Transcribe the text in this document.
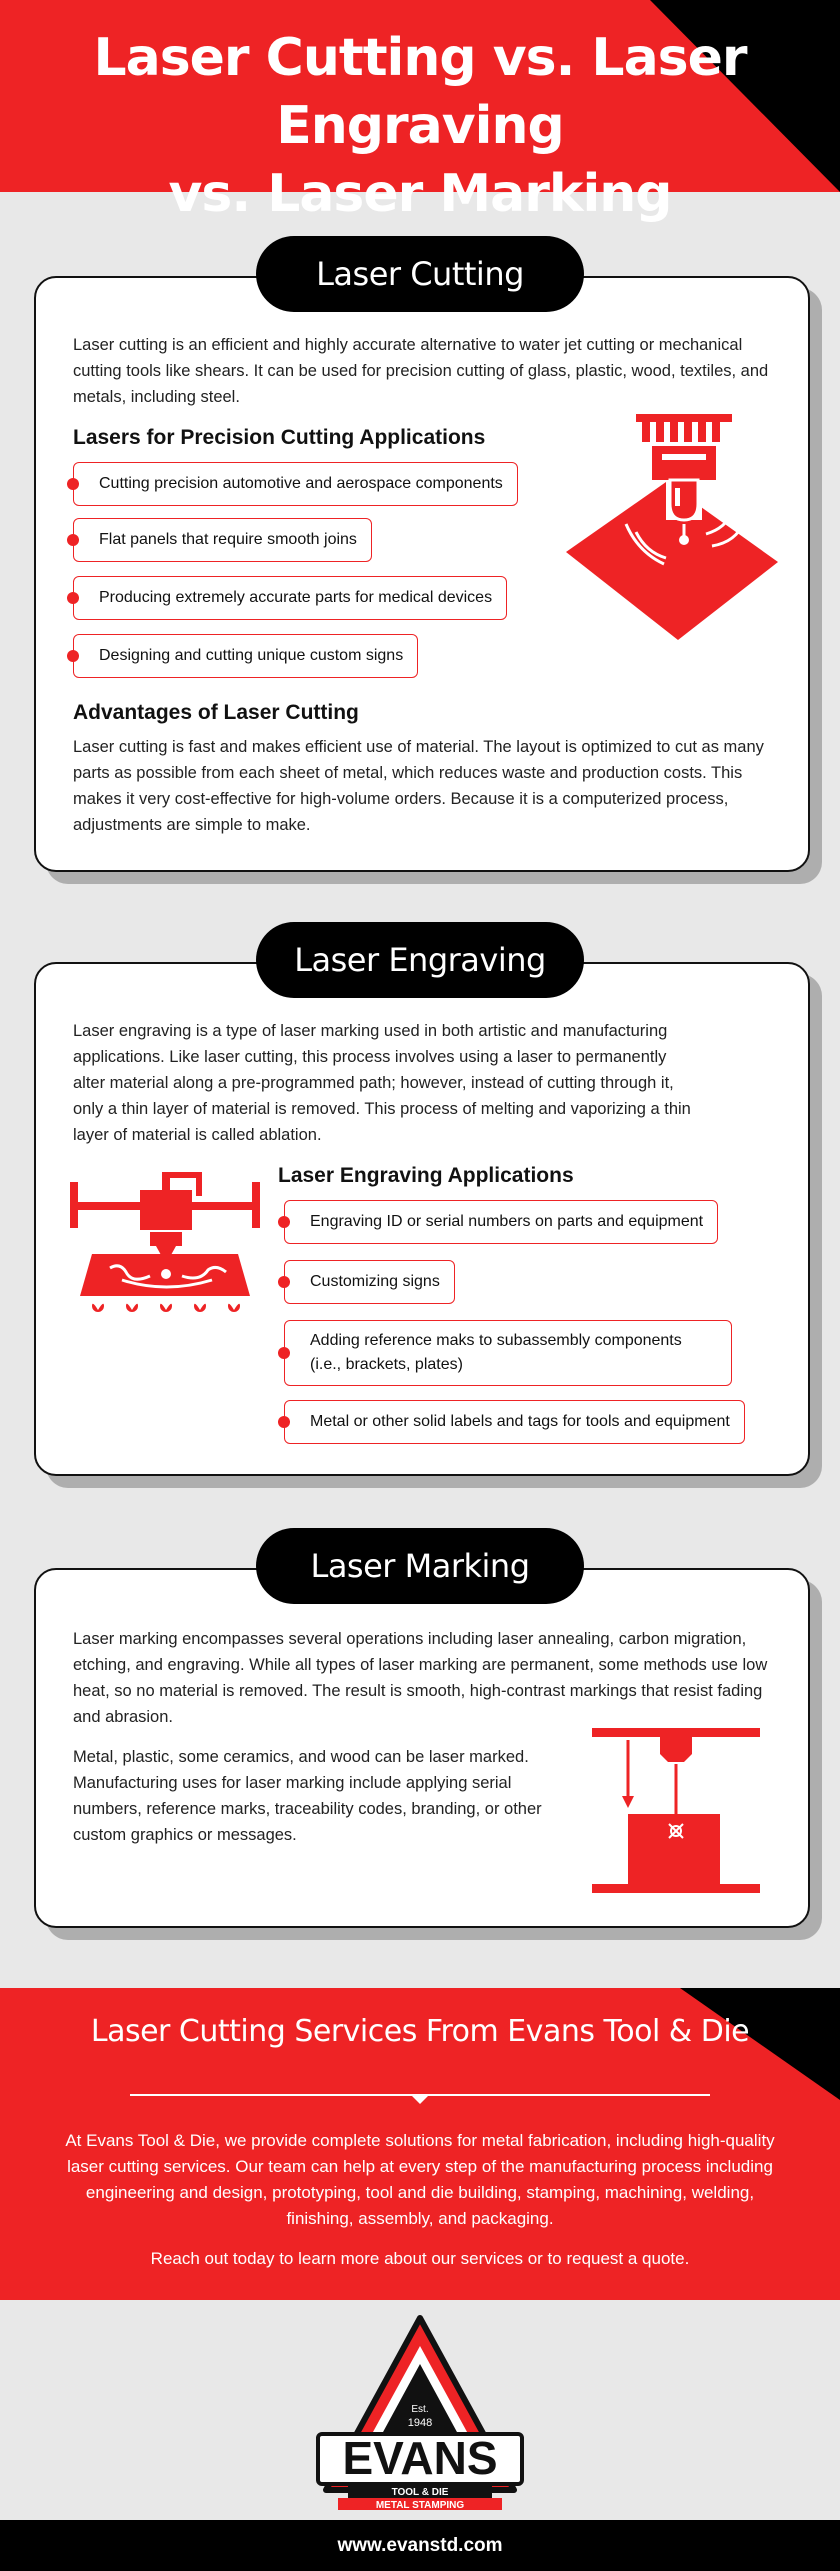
Laser Cutting vs. Laser Engraving
vs. Laser Marking
Laser cutting is an efficient and highly accurate alternative to water jet cutting or mechanical cutting tools like shears. It can be used for precision cutting of glass, plastic, wood, textiles, and metals, including steel.
Lasers for Precision Cutting Applications
Cutting precision automotive and aerospace components
Flat panels that require smooth joins
Producing extremely accurate parts for medical devices
Designing and cutting unique custom signs
Advantages of Laser Cutting
Laser cutting is fast and makes efficient use of material. The layout is optimized to cut as many parts as possible from each sheet of metal, which reduces waste and production costs. This makes it very cost-effective for high-volume orders. Because it is a computerized process, adjustments are simple to make.
Laser Cutting
Laser engraving is a type of laser marking used in both artistic and manufacturing applications. Like laser cutting, this process involves using a laser to permanently alter material along a pre-programmed path; however, instead of cutting through it, only a thin layer of material is removed. This process of melting and vaporizing a thin layer of material is called ablation.
Laser Engraving Applications
Engraving ID or serial numbers on parts and equipment
Customizing signs
Adding reference maks to subassembly components (i.e., brackets, plates)
Metal or other solid labels and tags for tools and equipment
Laser Engraving
Laser marking encompasses several operations including laser annealing, carbon migration, etching, and engraving. While all types of laser marking are permanent, some methods use low heat, so no material is removed. The result is smooth, high-contrast markings that resist fading and abrasion.
Metal, plastic, some ceramics, and wood can be laser marked. Manufacturing uses for laser marking include applying serial numbers, reference marks, traceability codes, branding, or other custom graphics or messages.
Laser Marking
Laser Cutting Services From Evans Tool & Die

At Evans Tool & Die, we provide complete solutions for metal fabrication, including high-quality laser cutting services. Our team can help at every step of the manufacturing process including engineering and design, prototyping, tool and die building, stamping, machining, welding, finishing, assembly, and packaging.

Reach out today to learn more about our services or to request a quote.

Est.
1948
EVANS
TOOL & DIE
METAL STAMPING
www.evanstd.com
